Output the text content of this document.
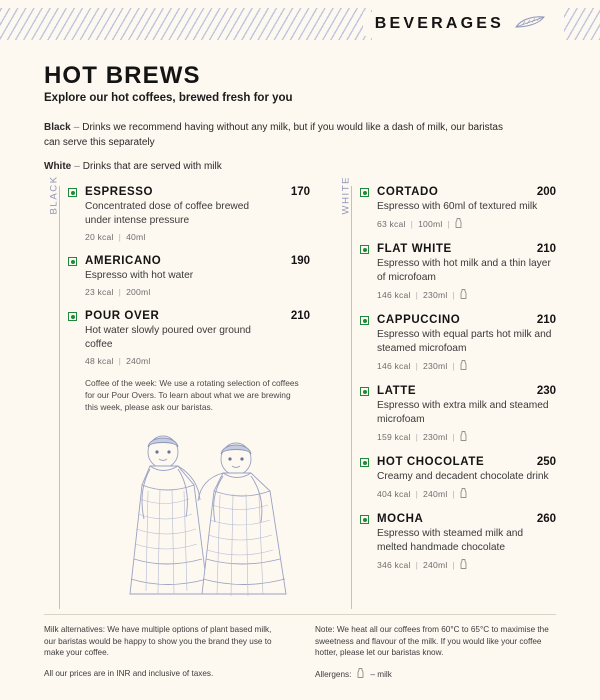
BEVERAGES
HOT BREWS
Explore our hot coffees, brewed fresh for you
Black – Drinks we recommend having without any milk, but if you would like a dash of milk, our baristas can serve this separately
White – Drinks that are served with milk
BLACK ESPRESSO	170
Concentrated dose of coffee brewed under intense pressure
20 kcal | 40ml
AMERICANO	190
Espresso with hot water
23 kcal | 200ml
POUR OVER	210
Hot water slowly poured over ground coffee
48 kcal | 240ml
Coffee of the week: We use a rotating selection of coffees for our Pour Overs. To learn about what we are brewing this week, please ask our baristas.
WHITE CORTADO	200
Espresso with 60ml of textured milk
63 kcal | 100ml |
FLAT WHITE	210
Espresso with hot milk and a thin layer of microfoam
146 kcal | 230ml |
CAPPUCCINO	210
Espresso with equal parts hot milk and steamed microfoam
146 kcal | 230ml |
LATTE	230
Espresso with extra milk and steamed microfoam
159 kcal | 230ml |
HOT CHOCOLATE	250
Creamy and decadent chocolate drink
404 kcal | 240ml |
MOCHA	260
Espresso with steamed milk and melted handmade chocolate
346 kcal | 240ml |

Milk alternatives: We have multiple options of plant based milk, our baristas would be happy to show you the brand they use to make your coffee.

All our prices are in INR and inclusive of taxes.

Note: We heat all our coffees from 60°C to 65°C to maximise the sweetness and flavour of the milk. If you would like your coffee hotter, please let our baristas know.

Allergens: – milk
